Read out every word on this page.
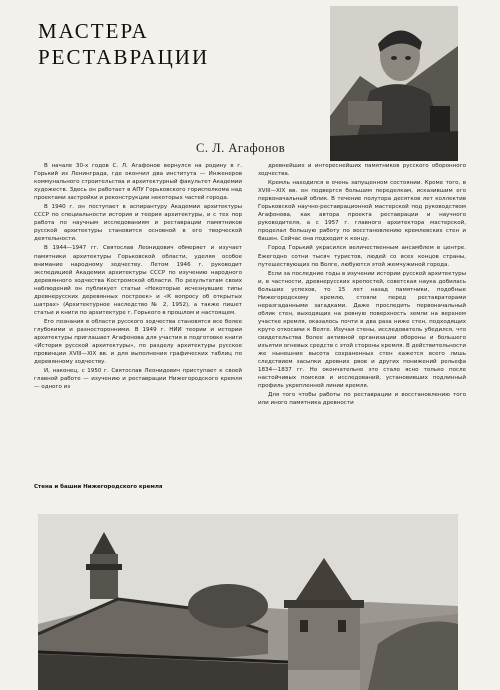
МАСТЕРА
РЕСТАВРАЦИИ
С. Л. Агафонов

В начале 30-х годов С. Л. Агафонов вернулся на родину в г. Горький из Ленинграда, где окончил два института — Инженеров коммунального строительства и архитектурный факультет Академии художеств. Здесь он работает в АПУ Горьковского горисполкома над проектами застройки и реконструкции некоторых частей города.

В 1940 г. он поступает в аспирантуру Академии архитектуры СССР по специальности история и теория архитектуры, и с тех пор работа по научным исследованиям и реставрации памятников русской архитектуры становится основной в его творческой деятельности.

В 1944—1947 гг. Святослав Леонидович обмеряет и изучает памятники архитектуры Горьковской области, уделяя особое внимание народному зодчеству. Летом 1946 г. руководит экспедицией Академии архитектуры СССР по изучению народного деревянного зодчества Костромской области. По результатам своих наблюдений он публикует статьи «Некоторые исчезнувшие типы древнерусских деревянных построек» и «К вопросу об открытых шатрах» (Архитектурное наследство № 2, 1952), а также пишет статьи и книги по архитектуре г. Горького в прошлом и настоящем.

Его познания в области русского зодчества становятся все более глубокими и разносторонними. В 1949 г. НИИ теории и истории архитектуры приглашает Агафонова для участия в подготовке книги «История русской архитектуры», по разделу архитектуры русское провинции XVIII—XIX вв. и для выполнения графических таблиц по деревянному зодчеству.

И, наконец, с 1950 г. Святослав Леонидович приступает к своей главной работе — изучению и реставрации Нижегородского кремля — одного из

древнейших и интереснейших памятников русского оборонного зодчества.

Кремль находился в очень запущенном состоянии. Кроме того, в XVIII—XIX вв. он подвергся большим переделкам, исказившим его первоначальный облик. В течение полутора десятков лет коллектив Горьковской научно-реставрационной мастерской под руководством Агафонова, как автора проекта реставрации и научного руководителя, а с 1957 г. главного архитектора мастерской, проделал большую работу по восстановлению кремлевских стен и башен. Сейчас она подходит к концу.

Город Горький украсился величественным ансамблем в центре. Ежегодно сотни тысяч туристов, людей со всех концов страны, путешествующих по Волге, любуются этой жемчужиной города.

Если за последние годы в изучении истории русской архитектуры и, в частности, древнерусских крепостей, советская наука добилась больших успехов, то 15 лет назад памятники, подобные Нижегородскому кремлю, стояли перед реставраторами неразгаданными загадками. Даже проследить первоначальный облик стен, выходящих на ровную поверхность земли на верхнем участке кремля, оказалось почти в два раза ниже стен, подходящих круто откосами к Волге. Изучая стены, исследователь убедился, что свидетельства более активной организации обороны и большего изъятия огневых средств с этой стороны кремля. В действительности же нынешние высота сохраненных стен кажется всего лишь следствием засыпки древних рвов и других понижений рельефа 1834—1837 гг. Но окончательно это стало ясно только после настойчивых поисков и исследований, установивших подлинный профиль укрепленной линии кремля.

Для того чтобы работы по реставрации и восстановлению того или иного памятника древности

Стена и башни Нижегородского кремля
